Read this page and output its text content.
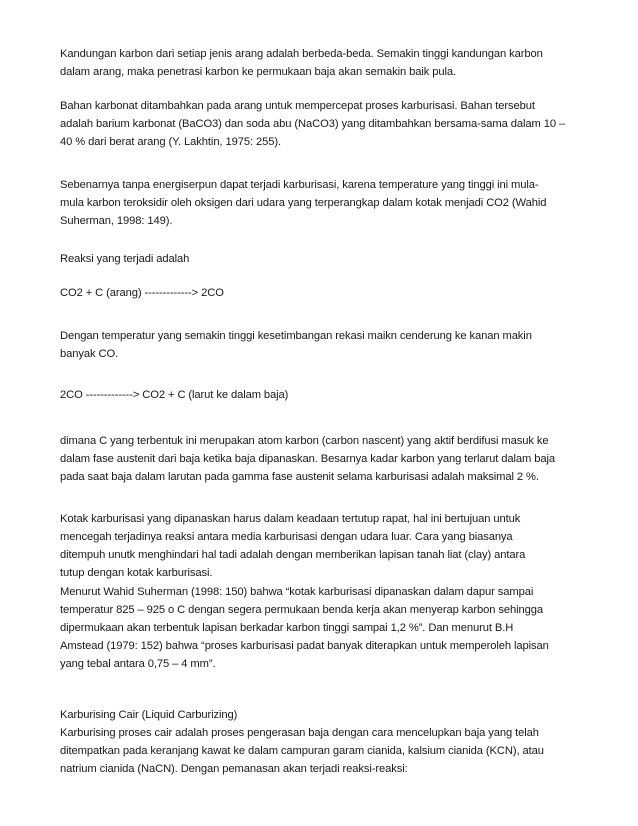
Kandungan karbon dari setiap jenis arang adalah berbeda-beda. Semakin tinggi kandungan karbon
dalam arang, maka penetrasi karbon ke permukaan baja akan semakin baik pula.

Bahan karbonat ditambahkan pada arang untuk mempercepat proses karburisasi. Bahan tersebut
adalah barium karbonat (BaCO3) dan soda abu (NaCO3) yang ditambahkan bersama-sama dalam 10 –
40 % dari berat arang (Y. Lakhtin, 1975: 255).

Sebenarnya tanpa energiserpun dapat terjadi karburisasi, karena temperature yang tinggi ini mula-
mula karbon teroksidir oleh oksigen dari udara yang terperangkap dalam kotak menjadi CO2 (Wahid
Suherman, 1998: 149).

Reaksi yang terjadi adalah

CO2 + C (arang) -------------> 2CO

Dengan temperatur yang semakin tinggi kesetimbangan rekasi maikn cenderung ke kanan makin
banyak CO.

2CO -------------> CO2 + C (larut ke dalam baja)

dimana C yang terbentuk ini merupakan atom karbon (carbon nascent) yang aktif berdifusi masuk ke
dalam fase austenit dari baja ketika baja dipanaskan. Besarnya kadar karbon yang terlarut dalam baja
pada saat baja dalam larutan pada gamma fase austenit selama karburisasi adalah maksimal 2 %.

Kotak karburisasi yang dipanaskan harus dalam keadaan tertutup rapat, hal ini bertujuan untuk
mencegah terjadinya reaksi antara media karburisasi dengan udara luar. Cara yang biasanya
ditempuh unutk menghindari hal tadi adalah dengan memberikan lapisan tanah liat (clay) antara
tutup dengan kotak karburisasi.

Menurut Wahid Suherman (1998: 150) bahwa “kotak karburisasi dipanaskan dalam dapur sampai
temperatur 825 – 925 o C dengan segera permukaan benda kerja akan menyerap karbon sehingga
dipermukaan akan terbentuk lapisan berkadar karbon tinggi sampai 1,2 %”. Dan menurut B.H
Amstead (1979: 152) bahwa “proses karburisasi padat banyak diterapkan untuk memperoleh lapisan
yang tebal antara 0,75 – 4 mm”.

Karburising Cair (Liquid Carburizing)
Karburising proses cair adalah proses pengerasan baja dengan cara mencelupkan baja yang telah
ditempatkan pada keranjang kawat ke dalam campuran garam cianida, kalsium cianida (KCN), atau
natrium cianida (NaCN). Dengan pemanasan akan terjadi reaksi-reaksi:
